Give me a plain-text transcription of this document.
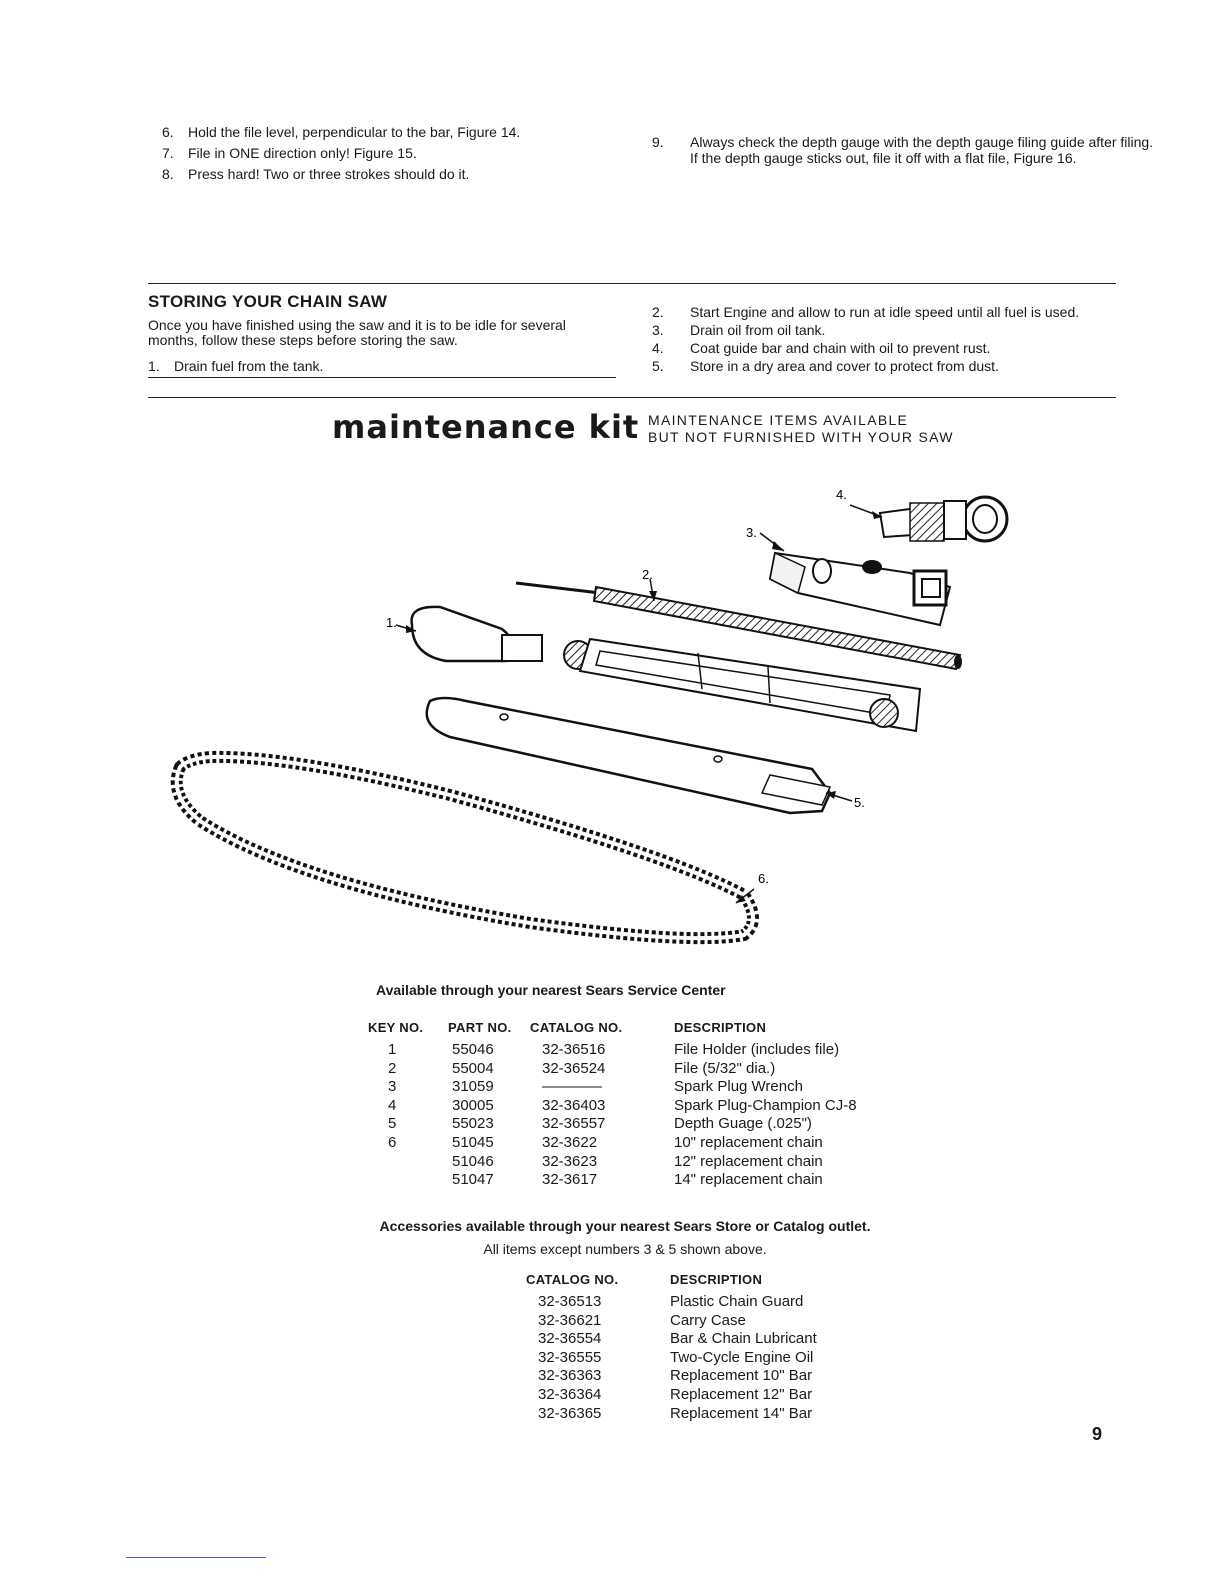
6. Hold the file level, perpendicular to the bar, Figure 14.
7. File in ONE direction only! Figure 15.
8. Press hard! Two or three strokes should do it.
9. Always check the depth gauge with the depth gauge filing guide after filing. If the depth gauge sticks out, file it off with a flat file, Figure 16.
STORING YOUR CHAIN SAW
Once you have finished using the saw and it is to be idle for several months, follow these steps before storing the saw.
1. Drain fuel from the tank.
2. Start Engine and allow to run at idle speed until all fuel is used.
3. Drain oil from oil tank.
4. Coat guide bar and chain with oil to prevent rust.
5. Store in a dry area and cover to protect from dust.
maintenance kit MAINTENANCE ITEMS AVAILABLE
BUT NOT FURNISHED WITH YOUR SAW
4.
3.
2.
1.
5.
6.
Available through your nearest Sears Service Center
KEY NO.	PART NO.	CATALOG NO.	DESCRIPTION
1	55046	32-36516	File Holder (includes file)
2	55004	32-36524	File (5/32" dia.)
3	31059	————	Spark Plug Wrench
4	30005	32-36403	Spark Plug-Champion CJ-8
5	55023	32-36557	Depth Guage (.025")
6	51045	32-3622	10" replacement chain
	51046	32-3623	12" replacement chain
	51047	32-3617	14" replacement chain
Accessories available through your nearest Sears Store or Catalog outlet.
All items except numbers 3 & 5 shown above.
CATALOG NO.	DESCRIPTION
32-36513	Plastic Chain Guard
32-36621	Carry Case
32-36554	Bar & Chain Lubricant
32-36555	Two-Cycle Engine Oil
32-36363	Replacement 10" Bar
32-36364	Replacement 12" Bar
32-36365	Replacement 14" Bar
9
